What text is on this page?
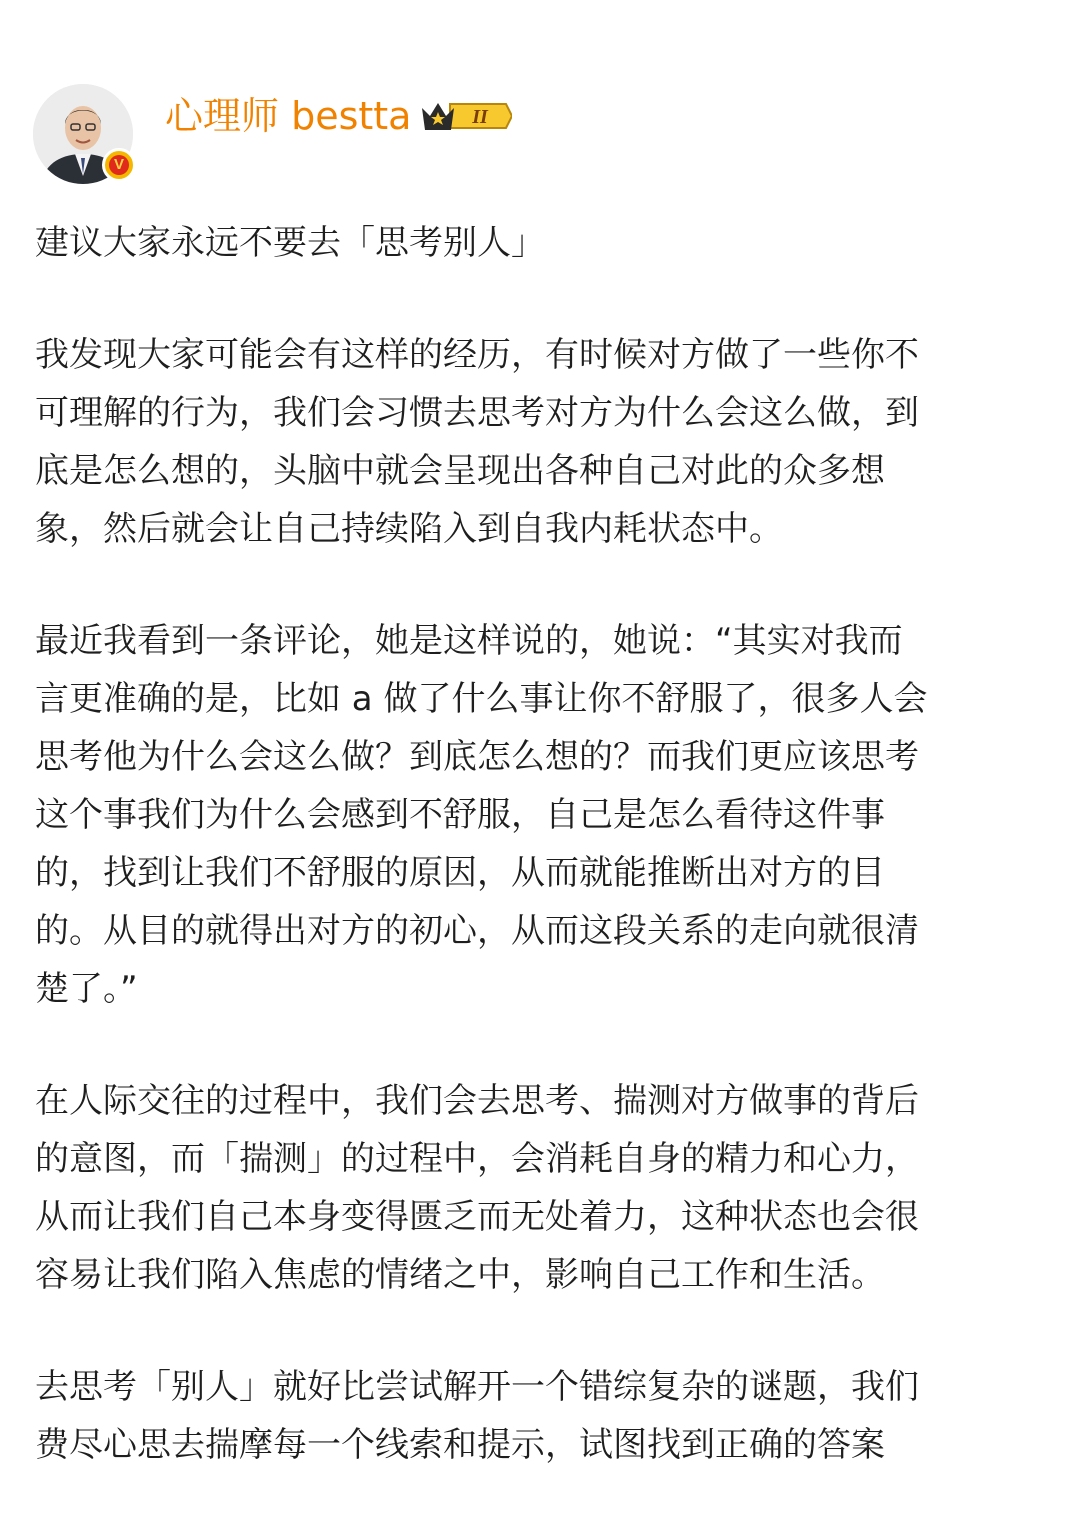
V
心理师 bestta	II

建议大家永远不要去「思考别人」

我发现大家可能会有这样的经历，有时候对方做了一些你不
可理解的行为，我们会习惯去思考对方为什么会这么做，到
底是怎么想的，头脑中就会呈现出各种自己对此的众多想
象，然后就会让自己持续陷入到自我内耗状态中。

最近我看到一条评论，她是这样说的，她说：“其实对我而
言更准确的是，比如 a 做了什么事让你不舒服了，很多人会
思考他为什么会这么做？到底怎么想的？而我们更应该思考
这个事我们为什么会感到不舒服，自己是怎么看待这件事
的，找到让我们不舒服的原因，从而就能推断出对方的目
的。从目的就得出对方的初心，从而这段关系的走向就很清
楚了。”

在人际交往的过程中，我们会去思考、揣测对方做事的背后
的意图，而「揣测」的过程中，会消耗自身的精力和心力，
从而让我们自己本身变得匮乏而无处着力，这种状态也会很
容易让我们陷入焦虑的情绪之中，影响自己工作和生活。

去思考「别人」就好比尝试解开一个错综复杂的谜题，我们
费尽心思去揣摩每一个线索和提示，试图找到正确的答案
